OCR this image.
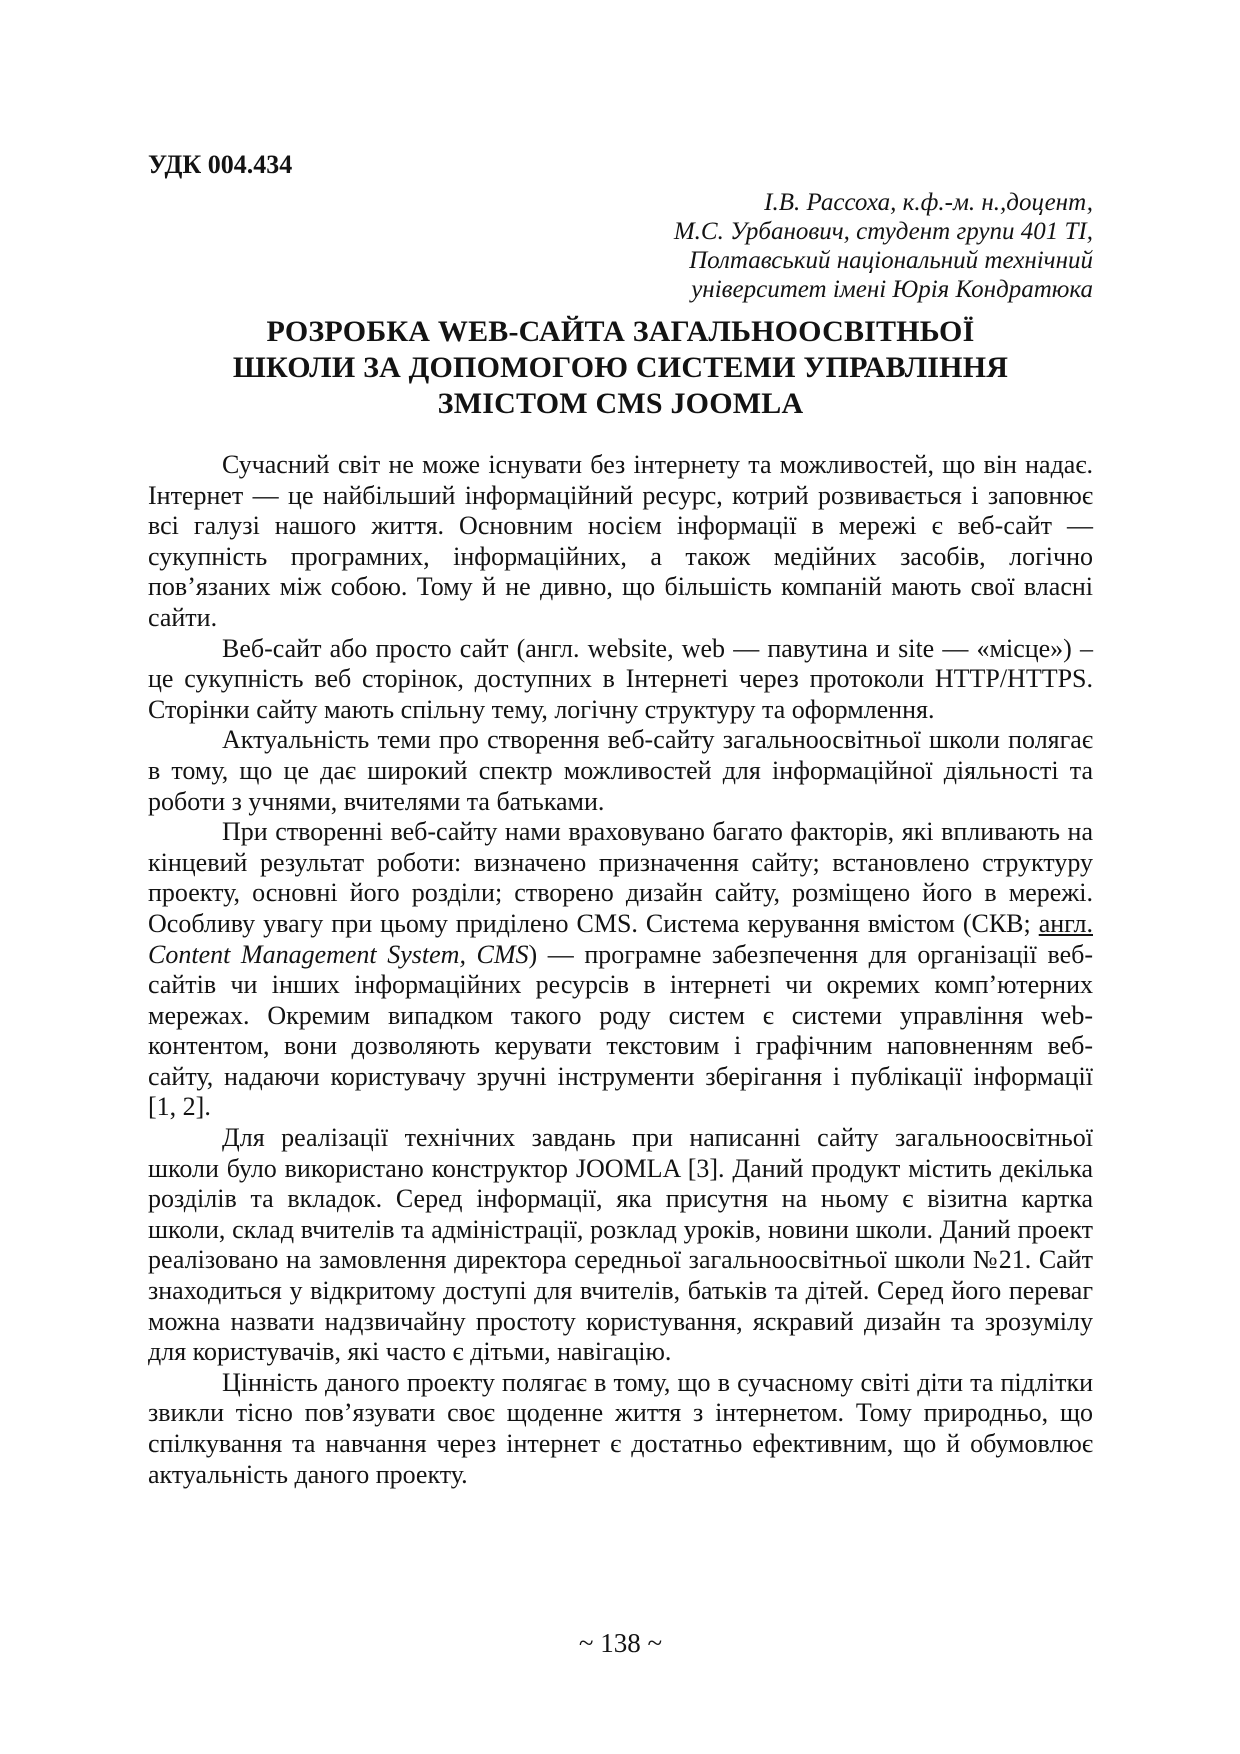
УДК 004.434
І.В. Рассоха, к.ф.-м. н.,доцент,
М.С. Урбанович, студент групи 401 ТІ,
Полтавський національний технічний
університет імені Юрія Кондратюка
РОЗРОБКА WEB-САЙТА ЗАГАЛЬНООСВІТНЬОЇ
ШКОЛИ ЗА ДОПОМОГОЮ СИСТЕМИ УПРАВЛІННЯ
ЗМІСТОМ CMS JOOMLA

Сучасний світ не може існувати без інтернету та можливостей, що він надає. Інтернет — це найбільший інформаційний ресурс, котрий розвивається і заповнює всі галузі нашого життя. Основним носієм інформації в мережі є веб-сайт — сукупність програмних, інформаційних, а також медійних засобів, логічно пов’язаних між собою. Тому й не дивно, що більшість компаній мають свої власні сайти.

Веб-сайт або просто сайт (англ. website, web — павутина и site — «місце») – це сукупність веб сторінок, доступних в Інтернеті через протоколи HTTP/HTTPS. Сторінки сайту мають спільну тему, логічну структуру та оформлення.

Актуальність теми про створення веб-сайту загальноосвітньої школи полягає в тому, що це дає широкий спектр можливостей для інформаційної діяльності та роботи з учнями, вчителями та батьками.

При створенні веб-сайту нами враховувано багато факторів, які впливають на кінцевий результат роботи: визначено призначення сайту; встановлено структуру проекту, основні його розділи; створено дизайн сайту, розміщено його в мережі. Особливу увагу при цьому приділено CMS. Система керування вмістом (СКВ; англ. Content Management System, CMS) — програмне забезпечення для організації веб-сайтів чи інших інформаційних ресурсів в інтернеті чи окремих комп’ютерних мережах. Окремим випадком такого роду систем є системи управління web-контентом, вони дозволяють керувати текстовим і графічним наповненням веб-сайту, надаючи користувачу зручні інструменти зберігання і публікації інформації [1, 2].

Для реалізації технічних завдань при написанні сайту загальноосвітньої школи було використано конструктор JOOMLA [3]. Даний продукт містить декілька розділів та вкладок. Серед інформації, яка присутня на ньому є візитна картка школи, склад вчителів та адміністрації, розклад уроків, новини школи. Даний проект реалізовано на замовлення директора середньої загальноосвітньої школи №21. Сайт знаходиться у відкритому доступі для вчителів, батьків та дітей. Серед його переваг можна назвати надзвичайну простоту користування, яскравий дизайн та зрозумілу для користувачів, які часто є дітьми, навігацію.

Цінність даного проекту полягає в тому, що в сучасному світі діти та підлітки звикли тісно пов’язувати своє щоденне життя з інтернетом. Тому природньо, що спілкування та навчання через інтернет є достатньо ефективним, що й обумовлює актуальність даного проекту.

~ 138 ~
